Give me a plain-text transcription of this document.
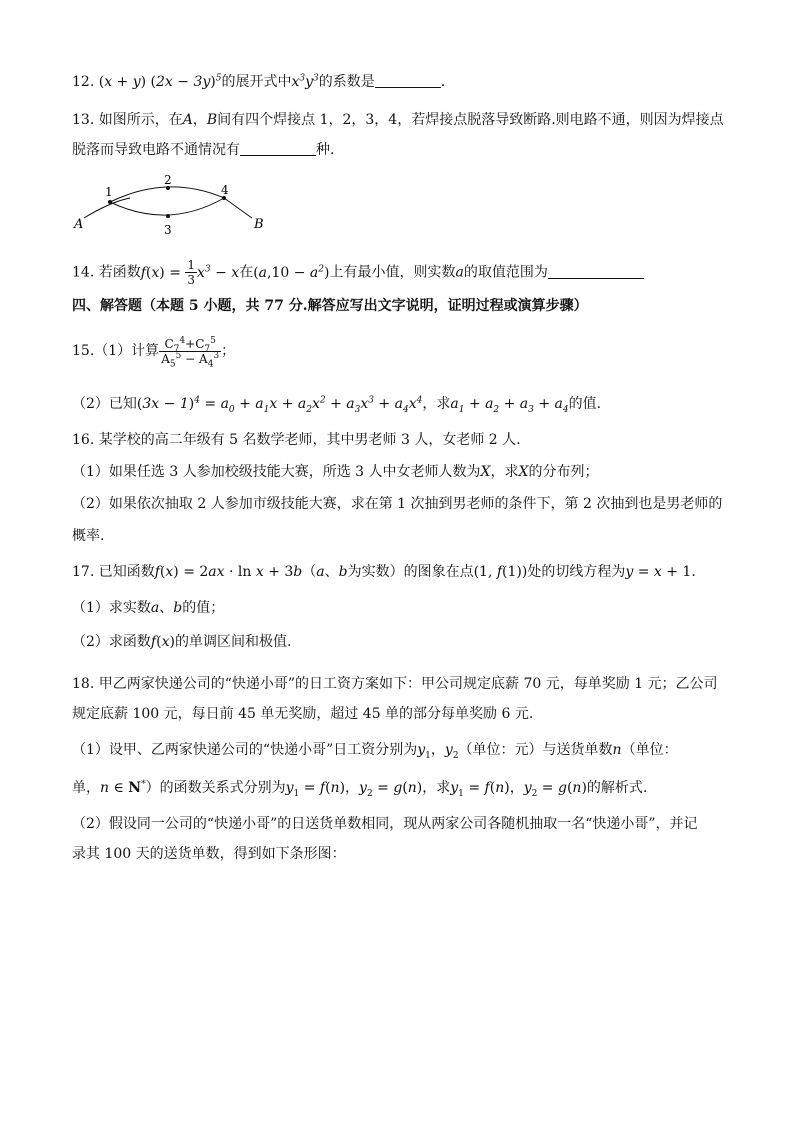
12. (x + y) $(2x - 3y)^5$的展开式中$x^3y^3$的系数是	.
13. 如图所示，在A，B间有四个焊接点 1，2，3，4，若焊接点脱落导致断路.则电路不通，则因为焊接点
脱落而导致电路不通情况有	种.
A	B
1
2
3
4
14. 若函数$f(x) = \frac{1}{3} x^3 - x$在$(a,10 - a^2)$上有最小值，则实数a的取值范围为
四、解答题（本题 5 小题，共 77 分.解答应写出文字说明，证明过程或演算步骤）
15.（1）计算 $\frac{C_7^4+C_7^5}{A_5^5 - A_4^3}$ ；
（2）已知$(3x - 1)^4 = a_0 + a_1x + a_2x^2 + a_3x^3 + a_4x^4$，求$a_1 + a_2 + a_3 + a_4$的值.
16. 某学校的高二年级有 5 名数学老师，其中男老师 3 人，女老师 2 人.
（1）如果任选 3 人参加校级技能大赛，所选 3 人中女老师人数为X，求X的分布列；
（2）如果依次抽取 2 人参加市级技能大赛，求在第 1 次抽到男老师的条件下，第 2 次抽到也是男老师的
概率.
17. 已知函数f(x) = 2ax · ln x + 3b（a、b为实数）的图象在点(1, f(1))处的切线方程为y = x + 1.
（1）求实数a、b的值；
（2）求函数f(x)的单调区间和极值.
18. 甲乙两家快递公司的“快递小哥”的日工资方案如下：甲公司规定底薪 70 元，每单奖励 1 元；乙公司
规定底薪 100 元，每日前 45 单无奖励，超过 45 单的部分每单奖励 6 元.
（1）设甲、乙两家快递公司的“快递小哥”日工资分别为$y_1$，$y_2$（单位：元）与送货单数n（单位：
单，n ∈ N*）的函数关系式分别为$y_1 = f(n)$，$y_2 = g(n)$，求$y_1 = f(n)$，$y_2 = g(n)$的解析式.
（2）假设同一公司的“快递小哥”的日送货单数相同，现从两家公司各随机抽取一名“快递小哥”，并记
录其 100 天的送货单数，得到如下条形图：
